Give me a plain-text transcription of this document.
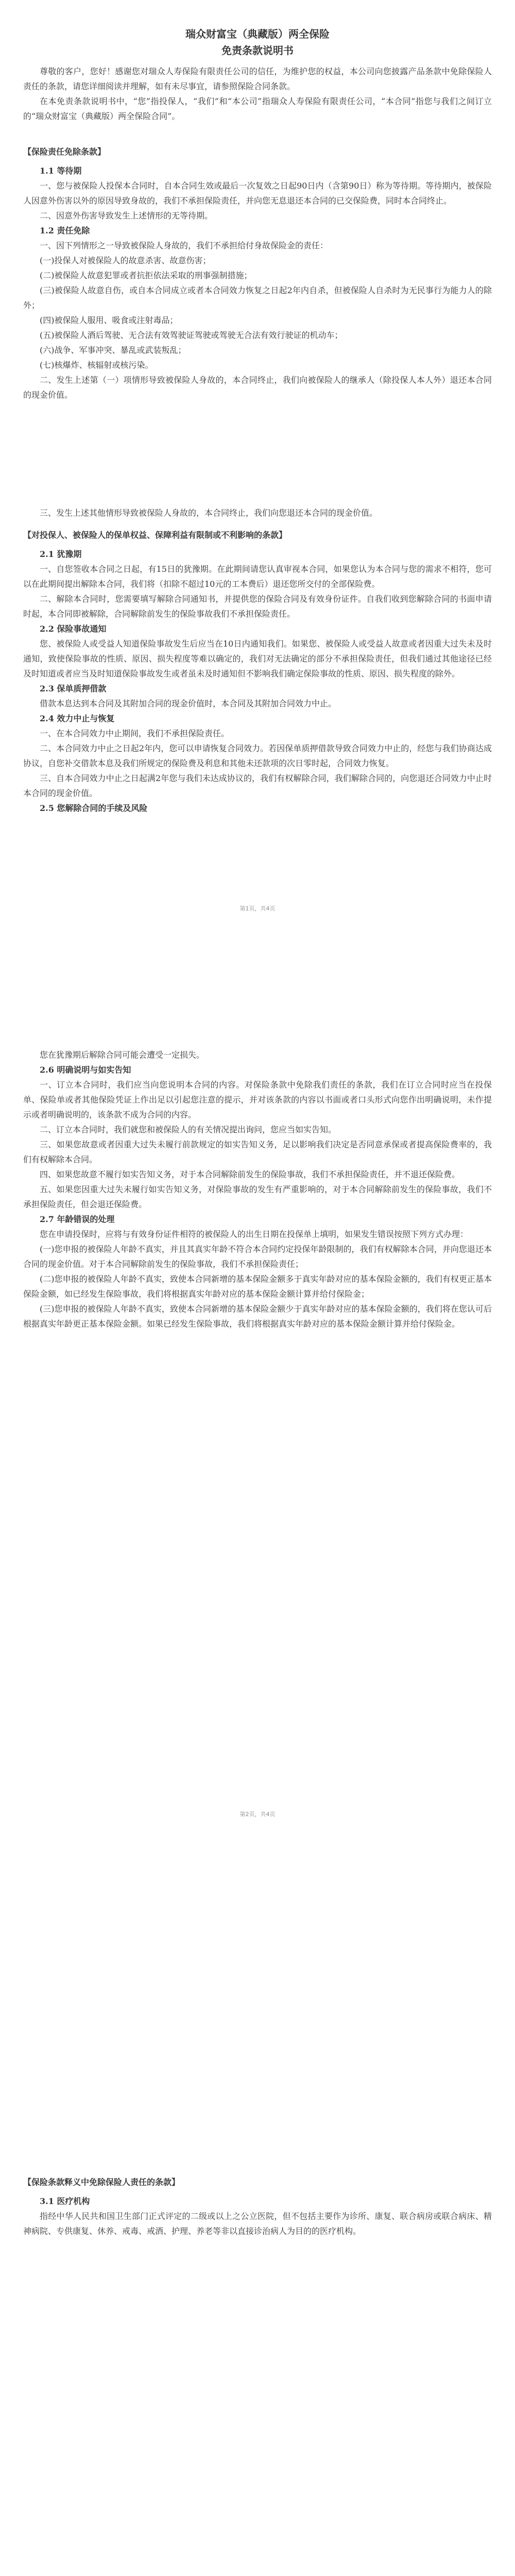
瑞众财富宝（典藏版）两全保险
免责条款说明书

尊敬的客户，您好！感谢您对瑞众人寿保险有限责任公司的信任，为维护您的权益，本公司向您披露产品条款中免除保险人责任的条款，请您详细阅读并理解，如有未尽事宜，请参照保险合同条款。

在本免责条款说明书中，“您”指投保人，“我们”和“本公司”指瑞众人寿保险有限责任公司，“本合同”指您与我们之间订立的“瑞众财富宝（典藏版）两全保险合同”。

【保险责任免除条款】

1.1 等待期

一、您与被保险人投保本合同时，自本合同生效或最后一次复效之日起90日内（含第90日）称为等待期。等待期内，被保险人因意外伤害以外的原因导致身故的，我们不承担保险责任，并向您无息退还本合同的已交保险费，同时本合同终止。

二、因意外伤害导致发生上述情形的无等待期。

1.2 责任免除

一、因下列情形之一导致被保险人身故的，我们不承担给付身故保险金的责任：

(一)投保人对被保险人的故意杀害、故意伤害；

(二)被保险人故意犯罪或者抗拒依法采取的刑事强制措施；

(三)被保险人故意自伤，或自本合同成立或者本合同效力恢复之日起2年内自杀，但被保险人自杀时为无民事行为能力人的除外；

(四)被保险人服用、吸食或注射毒品；

(五)被保险人酒后驾驶、无合法有效驾驶证驾驶或驾驶无合法有效行驶证的机动车；

(六)战争、军事冲突、暴乱或武装叛乱；

(七)核爆炸、核辐射或核污染。

二、发生上述第（一）项情形导致被保险人身故的，本合同终止，我们向被保险人的继承人（除投保人本人外）退还本合同的现金价值。

三、发生上述其他情形导致被保险人身故的，本合同终止，我们向您退还本合同的现金价值。

【对投保人、被保险人的保单权益、保障利益有限制或不利影响的条款】

2.1 犹豫期

一、自您签收本合同之日起，有15日的犹豫期。在此期间请您认真审视本合同，如果您认为本合同与您的需求不相符，您可以在此期间提出解除本合同，我们将（扣除不超过10元的工本费后）退还您所交付的全部保险费。

二、解除本合同时，您需要填写解除合同通知书，并提供您的保险合同及有效身份证件。自我们收到您解除合同的书面申请时起，本合同即被解除，合同解除前发生的保险事故我们不承担保险责任。

2.2 保险事故通知

您、被保险人或受益人知道保险事故发生后应当在10日内通知我们。如果您、被保险人或受益人故意或者因重大过失未及时通知，致使保险事故的性质、原因、损失程度等难以确定的，我们对无法确定的部分不承担保险责任，但我们通过其他途径已经及时知道或者应当及时知道保险事故发生或者虽未及时通知但不影响我们确定保险事故的性质、原因、损失程度的除外。

2.3 保单质押借款

借款本息达到本合同及其附加合同的现金价值时，本合同及其附加合同效力中止。

2.4 效力中止与恢复

一、在本合同效力中止期间，我们不承担保险责任。

二、本合同效力中止之日起2年内，您可以申请恢复合同效力。若因保单质押借款导致合同效力中止的，经您与我们协商达成协议，自您补交借款本息及我们所规定的保险费及利息和其他未还款项的次日零时起，合同效力恢复。

三、自本合同效力中止之日起满2年您与我们未达成协议的，我们有权解除合同，我们解除合同的，向您退还合同效力中止时本合同的现金价值。

2.5 您解除合同的手续及风险

第1页，共4页

您在犹豫期后解除合同可能会遭受一定损失。

2.6 明确说明与如实告知

一、订立本合同时，我们应当向您说明本合同的内容。对保险条款中免除我们责任的条款，我们在订立合同时应当在投保单、保险单或者其他保险凭证上作出足以引起您注意的提示，并对该条款的内容以书面或者口头形式向您作出明确说明，未作提示或者明确说明的，该条款不成为合同的内容。

二、订立本合同时，我们就您和被保险人的有关情况提出询问，您应当如实告知。

三、如果您故意或者因重大过失未履行前款规定的如实告知义务，足以影响我们决定是否同意承保或者提高保险费率的，我们有权解除本合同。

四、如果您故意不履行如实告知义务，对于本合同解除前发生的保险事故，我们不承担保险责任，并不退还保险费。

五、如果您因重大过失未履行如实告知义务，对保险事故的发生有严重影响的，对于本合同解除前发生的保险事故，我们不承担保险责任，但会退还保险费。

2.7 年龄错误的处理

您在申请投保时，应将与有效身份证件相符的被保险人的出生日期在投保单上填明，如果发生错误按照下列方式办理：

(一)您申报的被保险人年龄不真实，并且其真实年龄不符合本合同约定投保年龄限制的，我们有权解除本合同，并向您退还本合同的现金价值。对于本合同解除前发生的保险事故，我们不承担保险责任；

(二)您申报的被保险人年龄不真实，致使本合同新增的基本保险金额多于真实年龄对应的基本保险金额的，我们有权更正基本保险金额，如已经发生保险事故，我们将根据真实年龄对应的基本保险金额计算并给付保险金；

(三)您申报的被保险人年龄不真实，致使本合同新增的基本保险金额少于真实年龄对应的基本保险金额的，我们将在您认可后根据真实年龄更正基本保险金额。如果已经发生保险事故，我们将根据真实年龄对应的基本保险金额计算并给付保险金。

第2页，共4页

【保险条款释义中免除保险人责任的条款】

3.1 医疗机构

指经中华人民共和国卫生部门正式评定的二级或以上之公立医院，但不包括主要作为诊所、康复、联合病房或联合病床、精神病院、专供康复、休养、戒毒、戒酒、护理、养老等非以直接诊治病人为目的的医疗机构。
